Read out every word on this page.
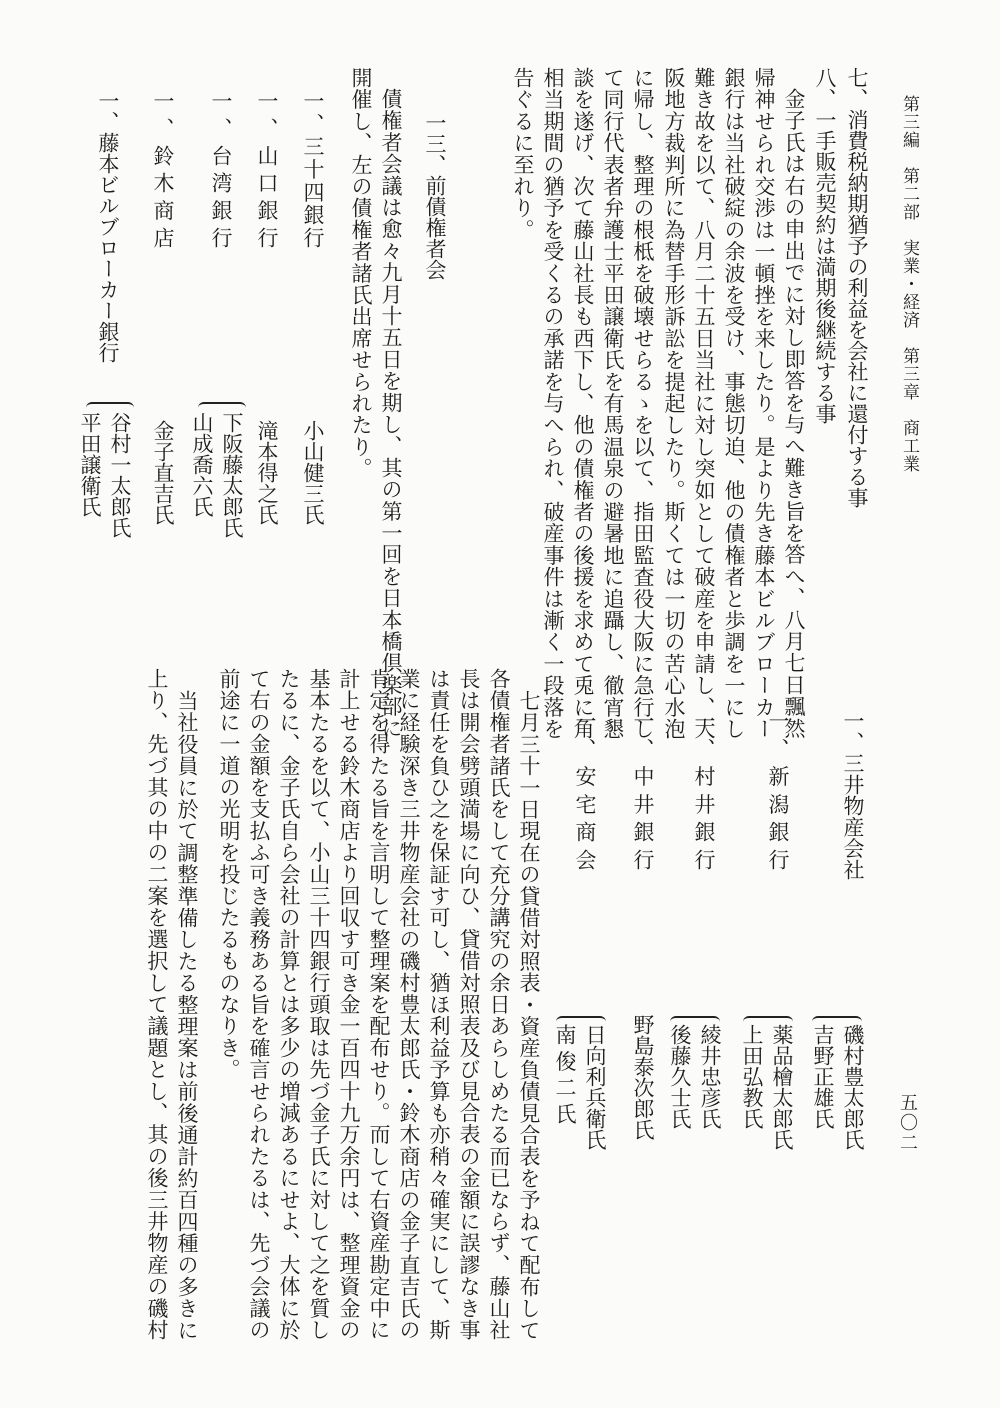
第三編　第二部　実業・経済　第三章　商工業
五〇二
七、消費税納期猶予の利益を会社に還付する事
八、一手販売契約は満期後継続する事
金子氏は右の申出でに対し即答を与へ難き旨を答へ、八月七日飄然
帰神せられ交渉は一頓挫を来したり。是より先き藤本ビルブローカー
銀行は当社破綻の余波を受け、事態切迫、他の債権者と歩調を一にし
難き故を以て、八月二十五日当社に対し突如として破産を申請し、大
阪地方裁判所に為替手形訴訟を提起したり。斯くては一切の苦心水泡
に帰し、整理の根柢を破壊せらるゝを以て、指田監査役大阪に急行し
て同行代表者弁護士平田譲衛氏を有馬温泉の避暑地に追躡し、徹宵懇
談を遂げ、次て藤山社長も西下し、他の債権者の後援を求めて兎に角
相当期間の猶予を受くるの承諾を与へられ、破産事件は漸く一段落を
告ぐるに至れり。
一三、前債権者会
債権者会議は愈々九月十五日を期し、其の第一回を日本橋倶楽部に
開催し、左の債権者諸氏出席せられたり。
一、三十四銀行
小山健三氏
一、山口銀行
滝本得之氏
一、台湾銀行
下阪藤太郎氏
山成喬六氏
一、鈴木商店
金子直吉氏
一、藤本ビルブローカー銀行
谷村一太郎氏
平田譲衛氏
一、三井物産会社
磯村豊太郎氏
吉野正雄氏
一、新潟銀行
薬品檜太郎氏
上田弘教氏
一、村井銀行
綾井忠彦氏
後藤久士氏
一、中井銀行
野島泰次郎氏
一、安宅商会
日向利兵衛氏
南俊二氏
七月三十一日現在の貸借対照表・資産負債見合表を予ねて配布して
各債権者諸氏をして充分講究の余日あらしめたる而已ならず、藤山社
長は開会劈頭満場に向ひ、貸借対照表及び見合表の金額に誤謬なき事
は責任を負ひ之を保証す可し、猶ほ利益予算も亦稍々確実にして、斯
業に経験深き三井物産会社の磯村豊太郎氏・鈴木商店の金子直吉氏の
肯定を得たる旨を言明して整理案を配布せり。而して右資産勘定中に
計上せる鈴木商店より回収す可き金一百四十九万余円は、整理資金の
基本たるを以て、小山三十四銀行頭取は先づ金子氏に対して之を質し
たるに、金子氏自ら会社の計算とは多少の増減あるにせよ、大体に於
て右の金額を支払ふ可き義務ある旨を確言せられたるは、先づ会議の
前途に一道の光明を投じたるものなりき。
当社役員に於て調整準備したる整理案は前後通計約百四種の多きに
上り、先づ其の中の二案を選択して議題とし、其の後三井物産の磯村
